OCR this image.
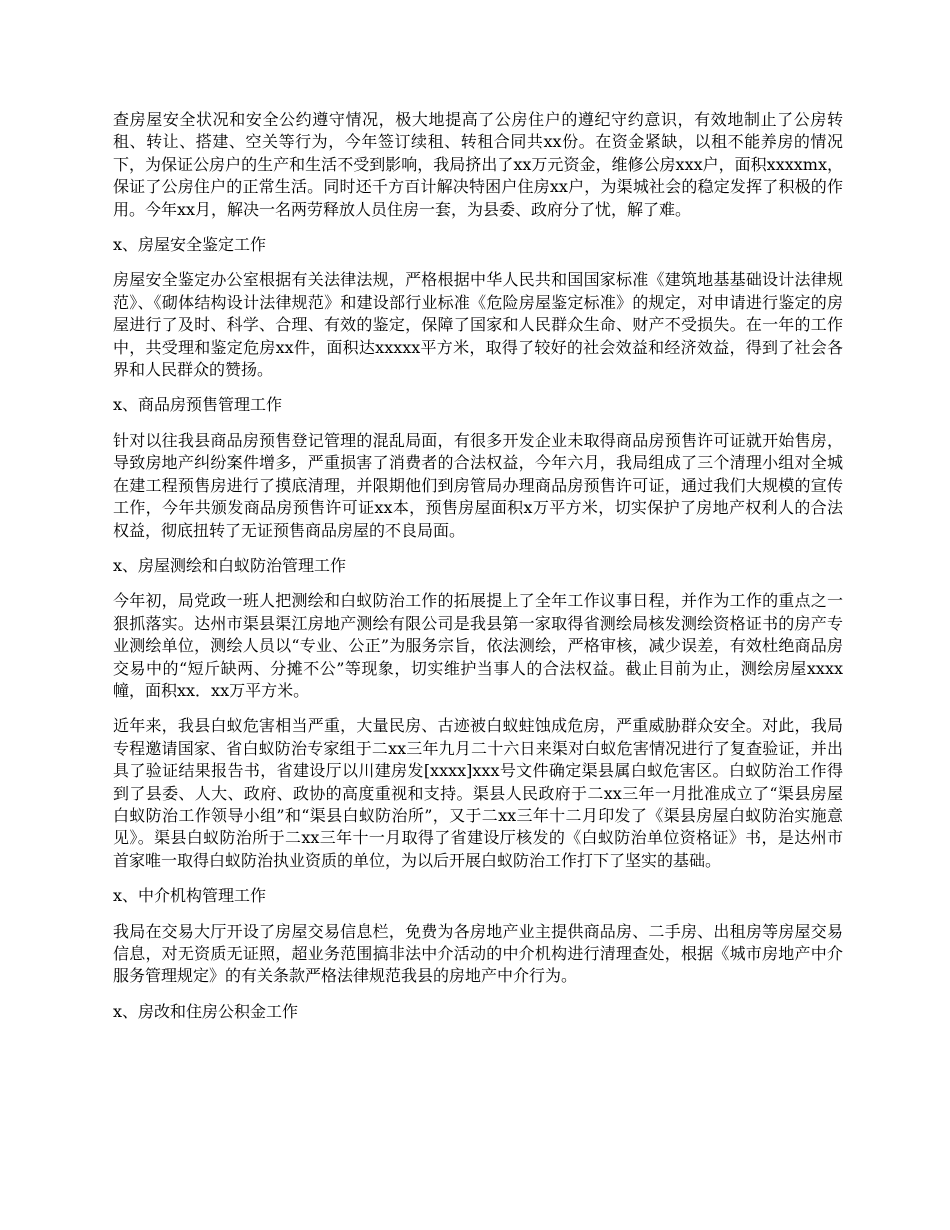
查房屋安全状况和安全公约遵守情况，极大地提高了公房住户的遵纪守约意识，有效地制止了公房转租、转让、搭建、空关等行为，今年签订续租、转租合同共xx份。在资金紧缺，以租不能养房的情况下，为保证公房户的生产和生活不受到影响，我局挤出了xx万元资金，维修公房xxx户，面积xxxxmx，保证了公房住户的正常生活。同时还千方百计解决特困户住房xx户，为渠城社会的稳定发挥了积极的作用。今年xx月，解决一名两劳释放人员住房一套，为县委、政府分了忧，解了难。

x、房屋安全鉴定工作

房屋安全鉴定办公室根据有关法律法规，严格根据中华人民共和国国家标准《建筑地基基础设计法律规范》、《砌体结构设计法律规范》和建设部行业标准《危险房屋鉴定标准》的规定，对申请进行鉴定的房屋进行了及时、科学、合理、有效的鉴定，保障了国家和人民群众生命、财产不受损失。在一年的工作中，共受理和鉴定危房xx件，面积达xxxxx平方米，取得了较好的社会效益和经济效益，得到了社会各界和人民群众的赞扬。

x、商品房预售管理工作

针对以往我县商品房预售登记管理的混乱局面，有很多开发企业未取得商品房预售许可证就开始售房，导致房地产纠纷案件增多，严重损害了消费者的合法权益，今年六月，我局组成了三个清理小组对全城在建工程预售房进行了摸底清理，并限期他们到房管局办理商品房预售许可证，通过我们大规模的宣传工作，今年共颁发商品房预售许可证xx本，预售房屋面积x万平方米，切实保护了房地产权利人的合法权益，彻底扭转了无证预售商品房屋的不良局面。

x、房屋测绘和白蚁防治管理工作

今年初，局党政一班人把测绘和白蚁防治工作的拓展提上了全年工作议事日程，并作为工作的重点之一狠抓落实。达州市渠县渠江房地产测绘有限公司是我县第一家取得省测绘局核发测绘资格证书的房产专业测绘单位，测绘人员以“专业、公正”为服务宗旨，依法测绘，严格审核，减少误差，有效杜绝商品房交易中的“短斤缺两、分摊不公”等现象，切实维护当事人的合法权益。截止目前为止，测绘房屋xxxx幢，面积xx．xx万平方米。

近年来，我县白蚁危害相当严重，大量民房、古迹被白蚁蛀蚀成危房，严重威胁群众安全。对此，我局专程邀请国家、省白蚁防治专家组于二xx三年九月二十六日来渠对白蚁危害情况进行了复查验证，并出具了验证结果报告书，省建设厅以川建房发[xxxx]xxx号文件确定渠县属白蚁危害区。白蚁防治工作得到了县委、人大、政府、政协的高度重视和支持。渠县人民政府于二xx三年一月批准成立了“渠县房屋白蚁防治工作领导小组”和“渠县白蚁防治所”，又于二xx三年十二月印发了《渠县房屋白蚁防治实施意见》。渠县白蚁防治所于二xx三年十一月取得了省建设厅核发的《白蚁防治单位资格证》书，是达州市首家唯一取得白蚁防治执业资质的单位，为以后开展白蚁防治工作打下了坚实的基础。

x、中介机构管理工作

我局在交易大厅开设了房屋交易信息栏，免费为各房地产业主提供商品房、二手房、出租房等房屋交易信息，对无资质无证照，超业务范围搞非法中介活动的中介机构进行清理查处，根据《城市房地产中介服务管理规定》的有关条款严格法律规范我县的房地产中介行为。

x、房改和住房公积金工作
